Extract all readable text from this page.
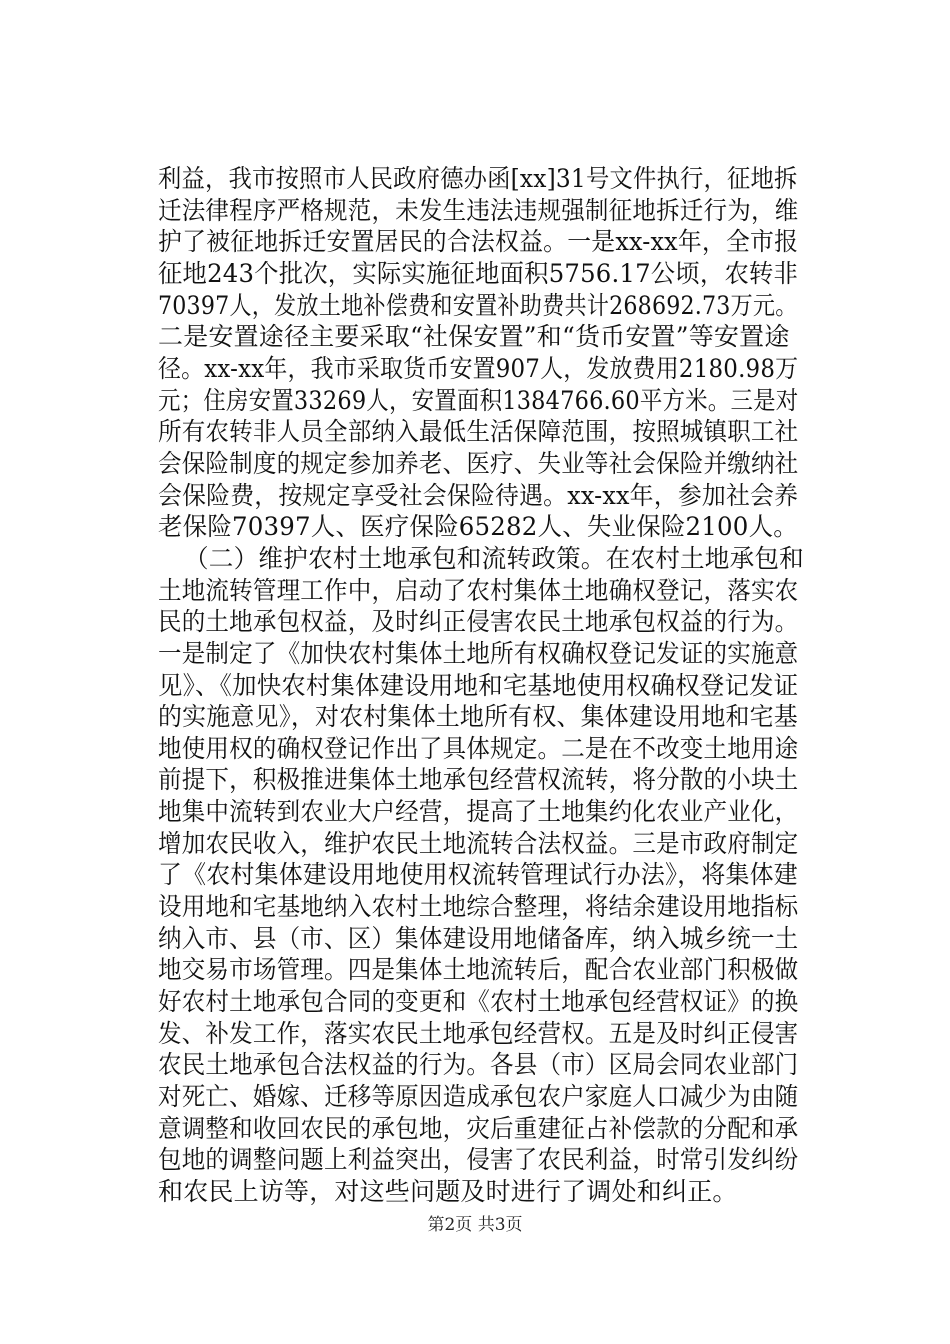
利益，我市按照市人民政府德办函[xx]31号文件执行，征地拆
迁法律程序严格规范，未发生违法违规强制征地拆迁行为，维
护了被征地拆迁安置居民的合法权益。一是xx-xx年，全市报
征地243个批次，实际实施征地面积5756.17公顷，农转非
70397人，发放土地补偿费和安置补助费共计268692.73万元。
二是安置途径主要采取“社保安置”和“货币安置”等安置途
径。xx-xx年，我市采取货币安置907人，发放费用2180.98万
元；住房安置33269人，安置面积1384766.60平方米。三是对
所有农转非人员全部纳入最低生活保障范围，按照城镇职工社
会保险制度的规定参加养老、医疗、失业等社会保险并缴纳社
会保险费，按规定享受社会保险待遇。xx-xx年，参加社会养
老保险70397人、医疗保险65282人、失业保险2100人。
（二）维护农村土地承包和流转政策。在农村土地承包和
土地流转管理工作中，启动了农村集体土地确权登记，落实农
民的土地承包权益，及时纠正侵害农民土地承包权益的行为。
一是制定了《加快农村集体土地所有权确权登记发证的实施意
见》、《加快农村集体建设用地和宅基地使用权确权登记发证
的实施意见》，对农村集体土地所有权、集体建设用地和宅基
地使用权的确权登记作出了具体规定。二是在不改变土地用途
前提下，积极推进集体土地承包经营权流转，将分散的小块土
地集中流转到农业大户经营，提高了土地集约化农业产业化，
增加农民收入，维护农民土地流转合法权益。三是市政府制定
了《农村集体建设用地使用权流转管理试行办法》，将集体建
设用地和宅基地纳入农村土地综合整理，将结余建设用地指标
纳入市、县（市、区）集体建设用地储备库，纳入城乡统一土
地交易市场管理。四是集体土地流转后，配合农业部门积极做
好农村土地承包合同的变更和《农村土地承包经营权证》的换
发、补发工作，落实农民土地承包经营权。五是及时纠正侵害
农民土地承包合法权益的行为。各县（市）区局会同农业部门
对死亡、婚嫁、迁移等原因造成承包农户家庭人口减少为由随
意调整和收回农民的承包地，灾后重建征占补偿款的分配和承
包地的调整问题上利益突出，侵害了农民利益，时常引发纠纷
和农民上访等，对这些问题及时进行了调处和纠正。
第2页 共3页
